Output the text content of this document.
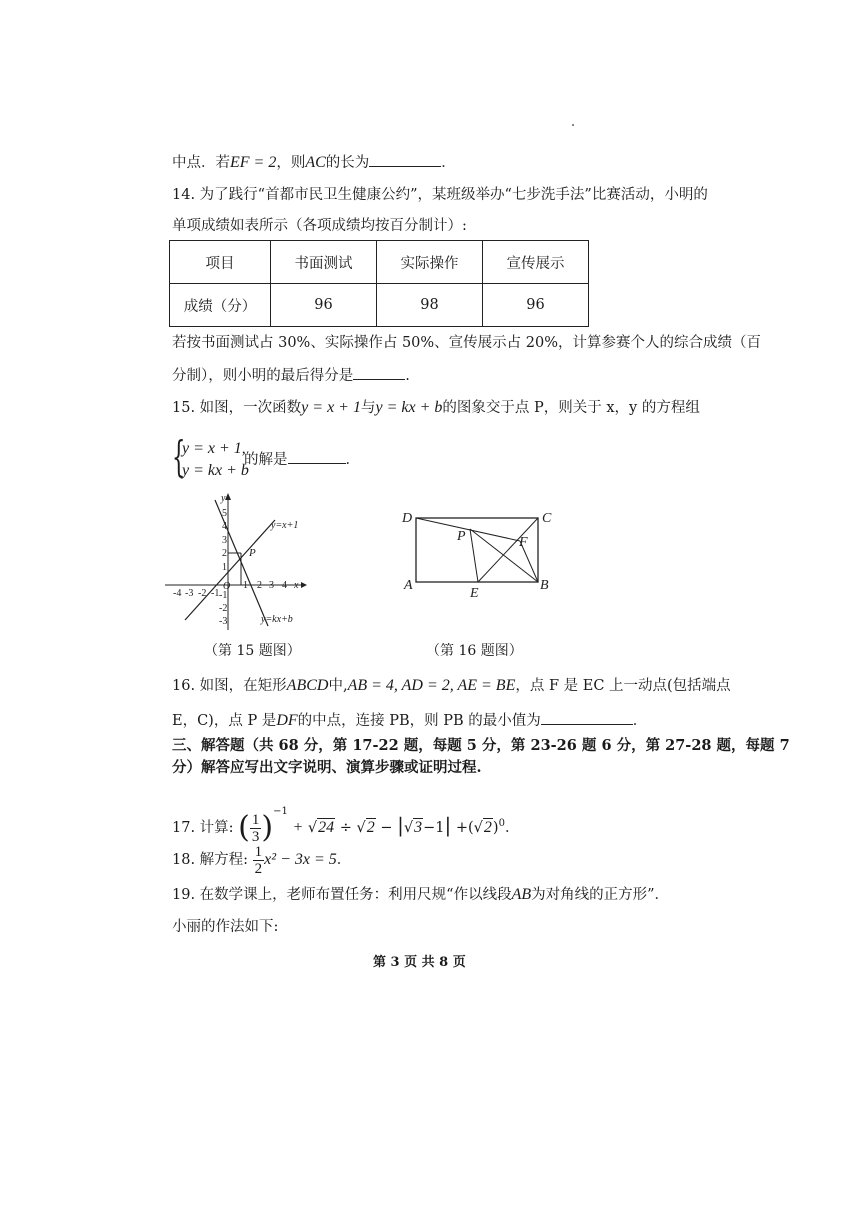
中点．若EF = 2，则AC的长为	．
14. 为了践行“首都市民卫生健康公约”，某班级举办“七步洗手法”比赛活动，小明的
单项成绩如表所示（各项成绩均按百分制计）:
项目	书面测试	实际操作	宣传展示
成绩（分）	96	98	96
若按书面测试占 30%、实际操作占 50%、宣传展示占 20%，计算参赛个人的综合成绩（百
分制），则小明的最后得分是	.
15. 如图，一次函数y = x + 1与y = kx + b的图象交于点 P，则关于 x，y 的方程组
{
y = x + 1,
y = kx + b
的解是	．
-4 -3 -2 -1
1 2 3 4 x
y
5
4
3
2
1
-1
-2
-3
O
P
y=x+1
y=kx+b
（第 15 题图）
D	C
A	B
E
F
P
（第 16 题图）
16. 如图，在矩形ABCD中,AB = 4, AD = 2, AE = BE，点 F 是 EC 上一动点(包括端点
E，C)，点 P 是DF的中点，连接 PB，则 PB 的最小值为	．
三、解答题（共 68 分，第 17-22 题，每题 5 分，第 23-26 题 6 分，第 27-28 题，每题 7
分）解答应写出文字说明、演算步骤或证明过程.
17. 计算: ( $\frac{1}{3} )^{-1} + √24 \div √2 - |√3-1| +(√2)^0$．
18. 解方程: $\frac{1}{2} x^2 - 3x = 5$．
19. 在数学课上，老师布置任务：利用尺规“作以线段AB为对角线的正方形”．
小丽的作法如下:
第 3 页 共 8 页
